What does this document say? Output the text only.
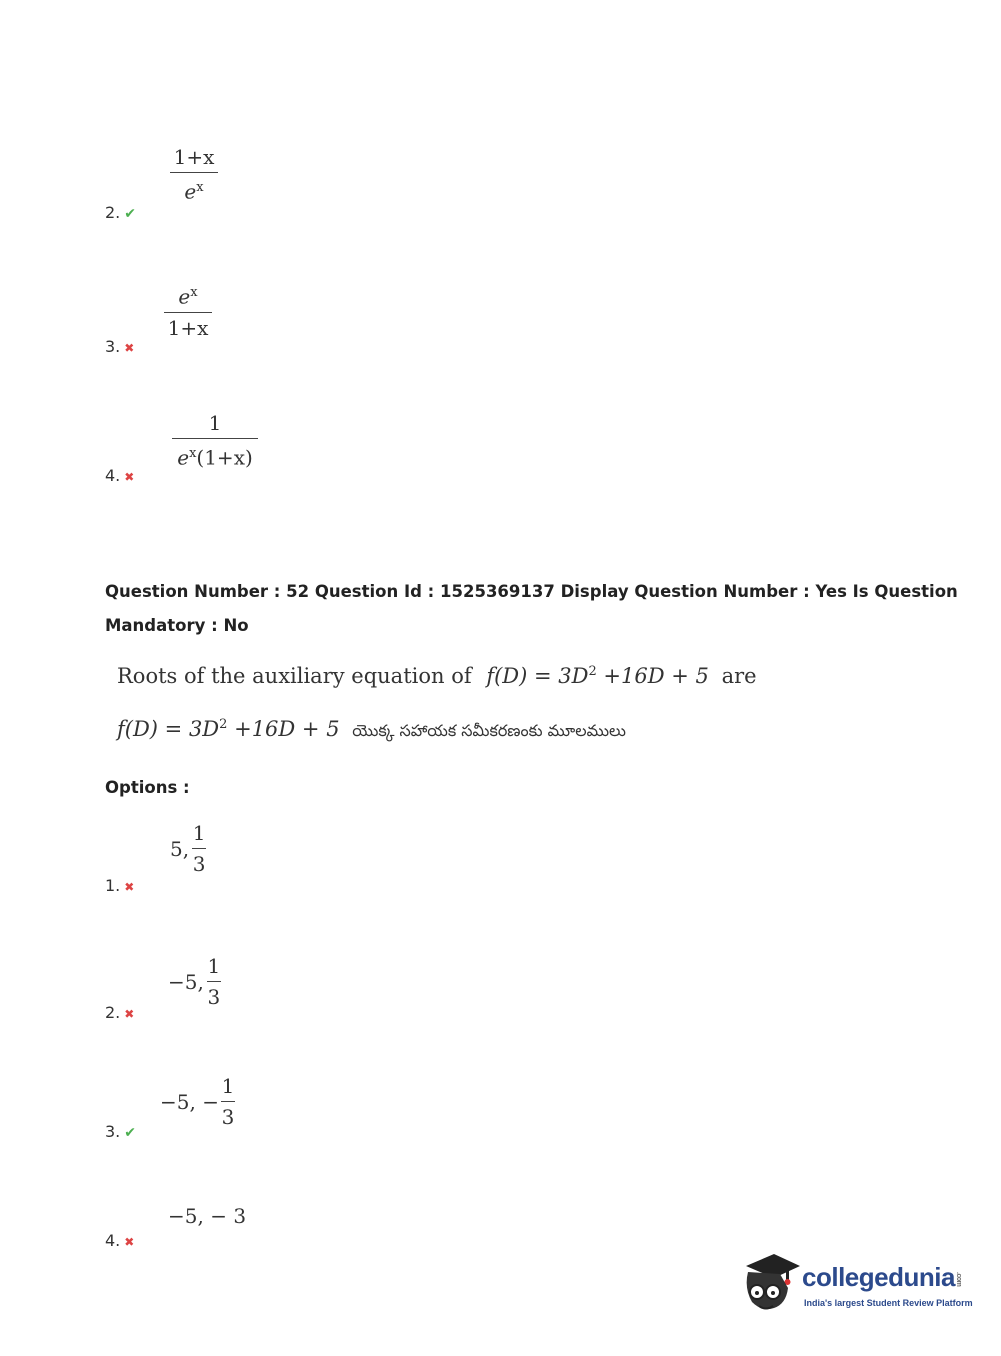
1+x
$e^x$
2. ✔
$e^x$
1+x
3. ✖
1
$e^x(1+x)$
4. ✖
Question Number : 52 Question Id : 1525369137 Display Question Number : Yes Is Question
Mandatory : No
Roots of the auxiliary equation of $f(D) = 3D^2 +16D + 5$ are
$f(D) = 3D^2 +16D + 5$ యొక్క సహాయక సమీకరణంకు మూలములు
Options :
5, $\frac{1}{3}$
1. ✖
−5, $\frac{1}{3}$
2. ✖
−5, − $\frac{1}{3}$
3. ✔
−5, − 3
4. ✖
collegedunia.com
India's largest Student Review Platform
